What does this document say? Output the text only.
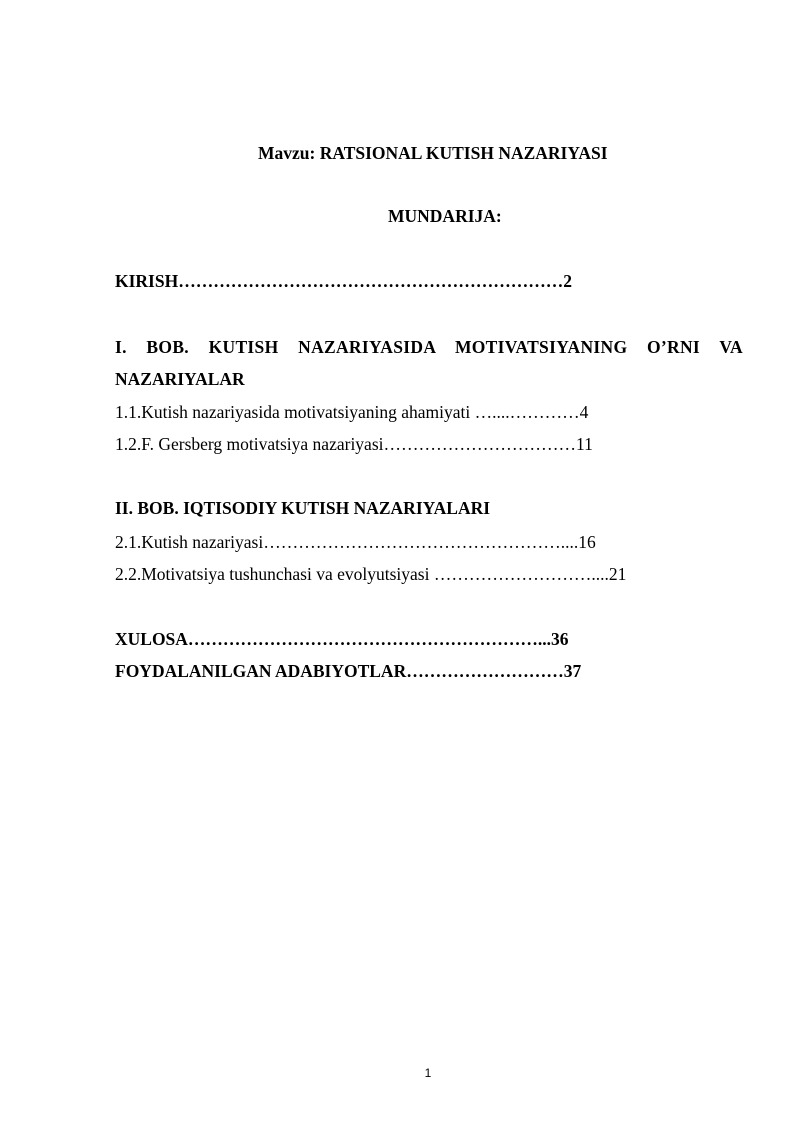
Mavzu: RATSIONAL KUTISH NAZARIYASI
MUNDARIJA:
KIRISH…………………………………………………………2
I. BOB. KUTISH NAZARIYASIDA MOTIVATSIYANING O’RNI VA
NAZARIYALAR
1.1.Kutish nazariyasida motivatsiyaning ahamiyati …....…………4
1.2.F. Gersberg motivatsiya nazariyasi……………………………11
II. BOB. IQTISODIY KUTISH NAZARIYALARI
2.1.Kutish nazariyasi……………………………………………....16
2.2.Motivatsiya tushunchasi va evolyutsiyasi ………………………....21
XULOSA……………………………………………………...36
FOYDALANILGAN ADABIYOTLAR………………………37
1
